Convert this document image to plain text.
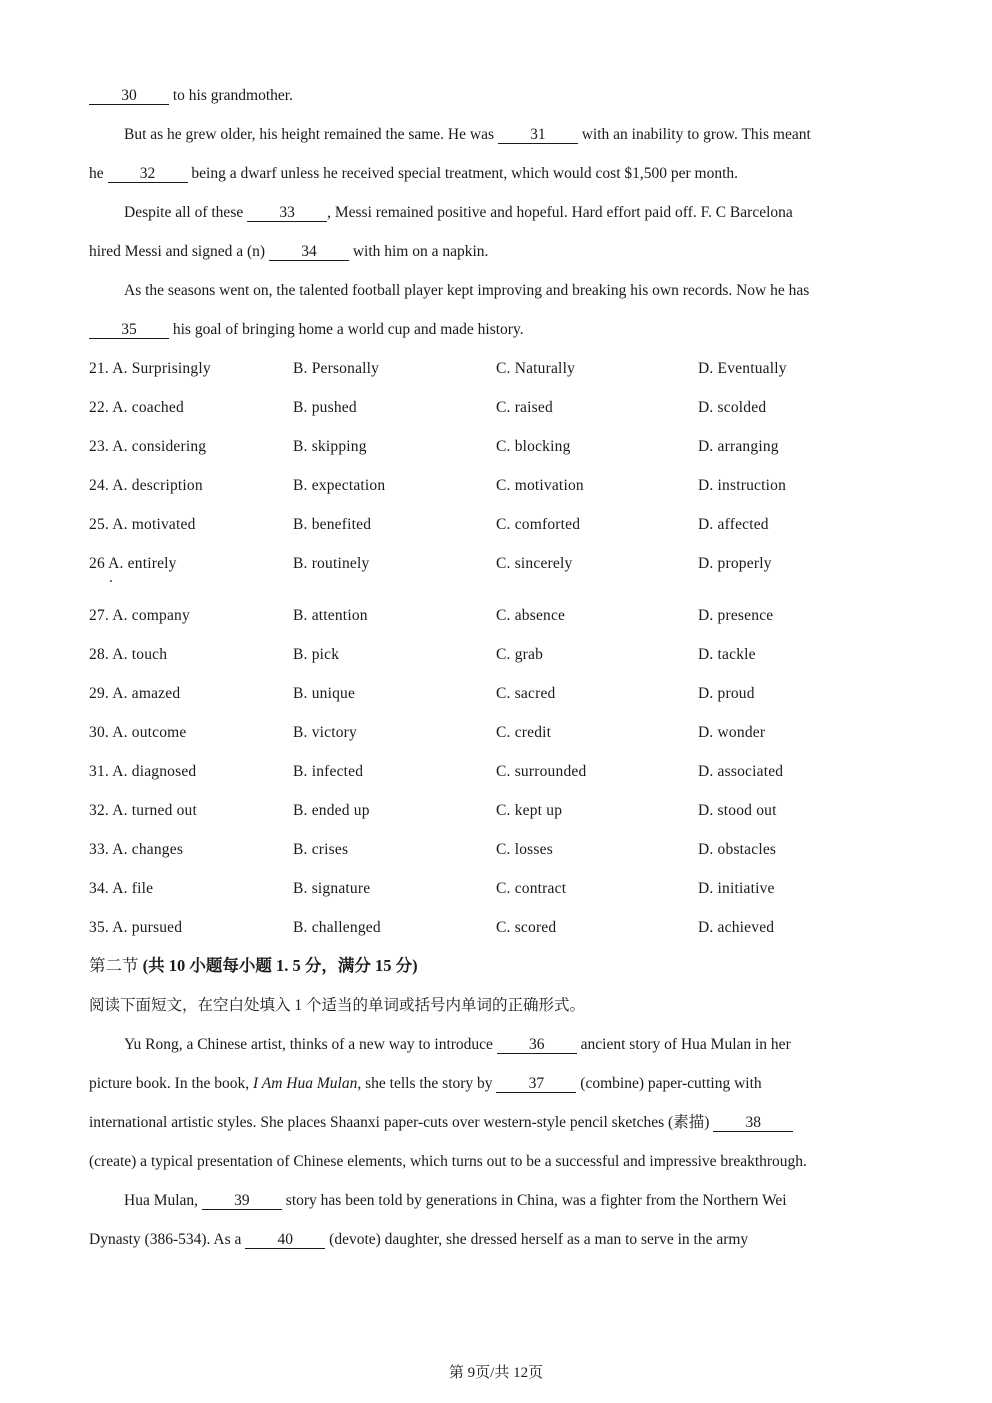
30 to his grandmother.
But as he grew older, his height remained the same. He was 31 with an inability to grow. This meant
he 32 being a dwarf unless he received special treatment, which would cost $1,500 per month.
Despite all of these 33 , Messi remained positive and hopeful. Hard effort paid off. F. C Barcelona
hired Messi and signed a (n) 34 with him on a napkin.
As the seasons went on, the talented football player kept improving and breaking his own records. Now he has
35 his goal of bringing home a world cup and made history.
21. A. Surprisingly	B. Personally	C. Naturally	D. Eventually
22. A. coached	B. pushed	C. raised	D. scolded
23. A. considering	B. skipping	C. blocking	D. arranging
24. A. description	B. expectation	C. motivation	D. instruction
25. A. motivated	B. benefited	C. comforted	D. affected
26 A. entirely	B. routinely	C. sincerely	D. properly
27. A. company	B. attention	C. absence	D. presence
28. A. touch	B. pick	C. grab	D. tackle
29. A. amazed	B. unique	C. sacred	D. proud
30. A. outcome	B. victory	C. credit	D. wonder
31. A. diagnosed	B. infected	C. surrounded	D. associated
32. A. turned out	B. ended up	C. kept up	D. stood out
33. A. changes	B. crises	C. losses	D. obstacles
34. A. file	B. signature	C. contract	D. initiative
35. A. pursued	B. challenged	C. scored	D. achieved
第二节 (共 10 小题每小题 1. 5 分，满分 15 分)
阅读下面短文，在空白处填入 1 个适当的单词或括号内单词的正确形式。
Yu Rong, a Chinese artist, thinks of a new way to introduce 36 ancient story of Hua Mulan in her
picture book. In the book, I Am Hua Mulan, she tells the story by 37 (combine) paper-cutting with
international artistic styles. She places Shaanxi paper-cuts over western-style pencil sketches (素描) 38
(create) a typical presentation of Chinese elements, which turns out to be a successful and impressive breakthrough.
Hua Mulan, 39 story has been told by generations in China, was a fighter from the Northern Wei
Dynasty (386-534). As a 40 (devote) daughter, she dressed herself as a man to serve in the army
第 9页/共 12页
